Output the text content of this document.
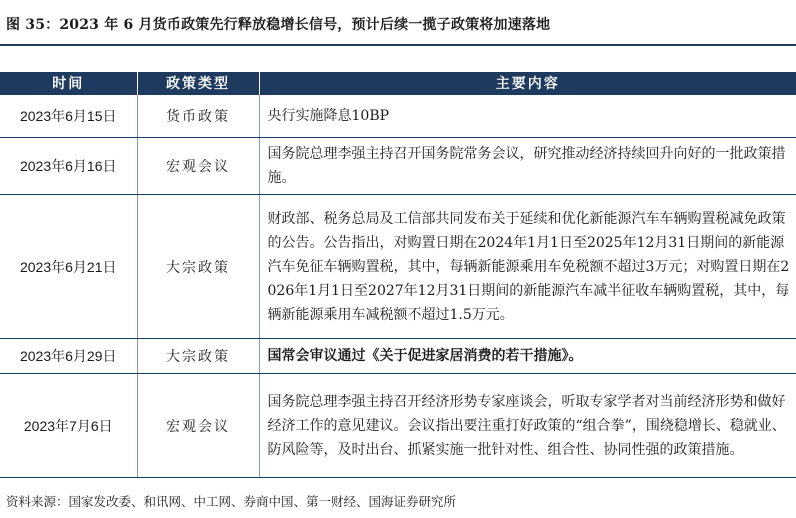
图 35：2023 年 6 月货币政策先行释放稳增长信号，预计后续一揽子政策将加速落地
时间	政策类型	主要内容
2023年6月15日	货币政策	央行实施降息10BP
2023年6月16日	宏观会议	国务院总理李强主持召开国务院常务会议，研究推动经济持续回升向好的一批政策措施。
2023年6月21日	大宗政策	财政部、税务总局及工信部共同发布关于延续和优化新能源汽车车辆购置税减免政策的公告。公告指出，对购置日期在2024年1月1日至2025年12月31日期间的新能源汽车免征车辆购置税，其中，每辆新能源乘用车免税额不超过3万元；对购置日期在2026年1月1日至2027年12月31日期间的新能源汽车减半征收车辆购置税，其中，每辆新能源乘用车减税额不超过1.5万元。
2023年6月29日	大宗政策	国常会审议通过《关于促进家居消费的若干措施》。
2023年7月6日	宏观会议	国务院总理李强主持召开经济形势专家座谈会，听取专家学者对当前经济形势和做好经济工作的意见建议。会议指出要注重打好政策的“组合拳”，围绕稳增长、稳就业、防风险等，及时出台、抓紧实施一批针对性、组合性、协同性强的政策措施。
资料来源：国家发改委、和讯网、中工网、券商中国、第一财经、国海证券研究所
